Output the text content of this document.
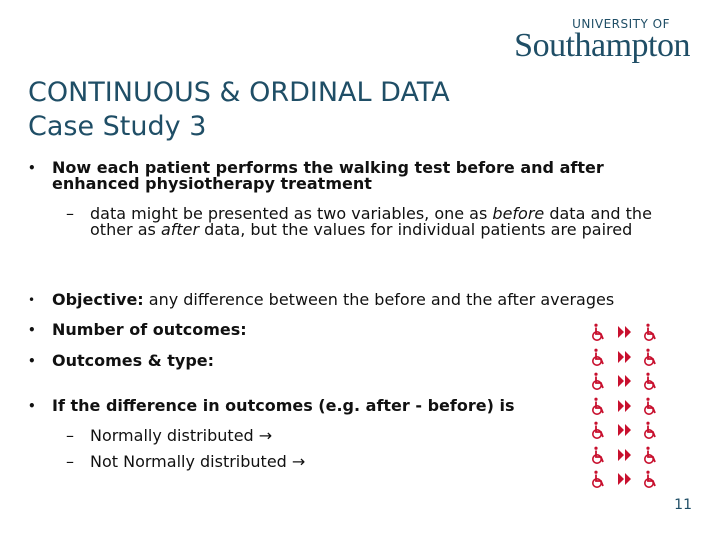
UNIVERSITY OF
Southampton
CONTINUOUS & ORDINAL DATA
Case Study 3
• Now each patient performs the walking test before and after enhanced physiotherapy treatment
– data might be presented as two variables, one as before data and the other as after data, but the values for individual patients are paired
• Objective: any difference between the before and the after averages
• Number of outcomes:
• Outcomes & type:
• If the difference in outcomes (e.g. after - before) is
– Normally distributed →
– Not Normally distributed →
11
